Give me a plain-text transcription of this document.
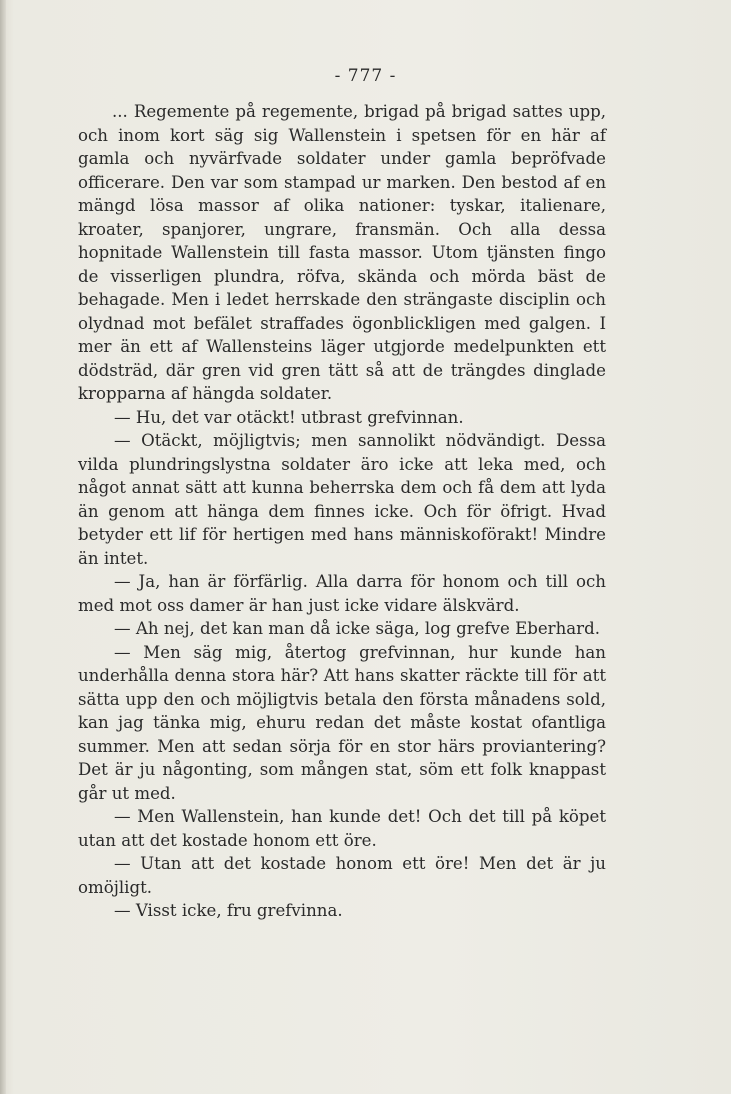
- 777 -

... Regemente på regemente, brigad på brigad sattes upp, och inom kort säg sig Wallenstein i spetsen för en här af gamla och nyvärfvade soldater under gamla bepröfvade officerare. Den var som stampad ur marken. Den bestod af en mängd lösa massor af olika nationer: tyskar, italienare, kroater, spanjorer, ungrare, fransmän. Och alla dessa hopnitade Wallenstein till fasta massor. Utom tjänsten fingo de visserligen plundra, röfva, skända och mörda bäst de behagade. Men i ledet herrskade den strängaste disciplin och olydnad mot befälet straffades ögonblickligen med galgen. I mer än ett af Wallensteins läger utgjorde medelpunkten ett dödsträd, där gren vid gren tätt så att de trängdes dinglade kropparna af hängda soldater.

— Hu, det var otäckt! utbrast grefvinnan.

— Otäckt, möjligtvis; men sannolikt nödvändigt. Dessa vilda plundringslystna soldater äro icke att leka med, och något annat sätt att kunna beherrska dem och få dem att lyda än genom att hänga dem finnes icke. Och för öfrigt. Hvad betyder ett lif för hertigen med hans människoförakt! Mindre än intet.

— Ja, han är förfärlig. Alla darra för honom och till och med mot oss damer är han just icke vidare älskvärd.

— Ah nej, det kan man då icke säga, log grefve Eberhard.

— Men säg mig, återtog grefvinnan, hur kunde han underhålla denna stora här? Att hans skatter räckte till för att sätta upp den och möjligtvis betala den första månadens sold, kan jag tänka mig, ehuru redan det måste kostat ofantliga summer. Men att sedan sörja för en stor härs proviantering? Det är ju någonting, som mången stat, söm ett folk knappast går ut med.

— Men Wallenstein, han kunde det! Och det till på köpet utan att det kostade honom ett öre.

— Utan att det kostade honom ett öre! Men det är ju omöjligt.

— Visst icke, fru grefvinna.
